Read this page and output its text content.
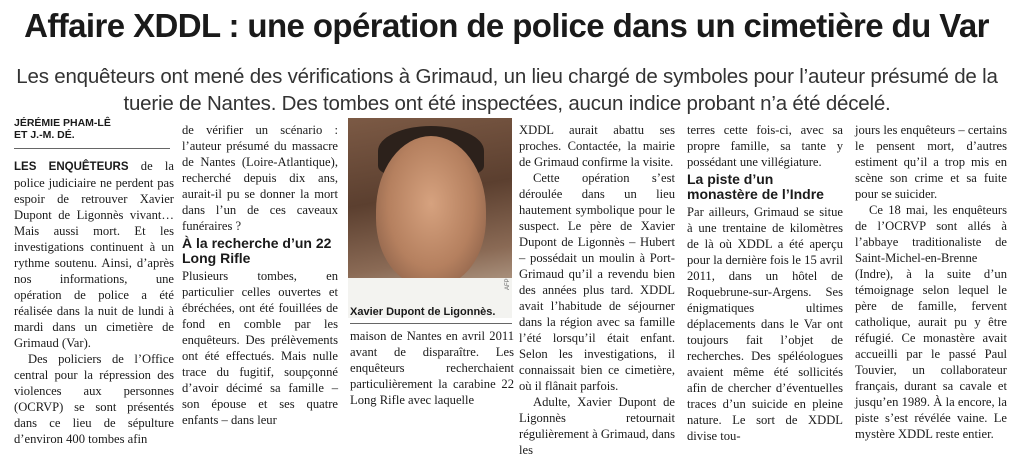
Affaire XDDL : une opération de police dans un cimetière du Var
Les enquêteurs ont mené des vérifications à Grimaud, un lieu chargé de symboles pour l’auteur présumé de la tuerie de Nantes. Des tombes ont été inspectées, aucun indice probant n’a été décelé.
JÉRÉMIE PHAM-LÊ
ET J.-M. DÉ.

LES ENQUÊTEURS de la police judiciaire ne perdent pas espoir de retrouver Xavier Dupont de Ligonnès vivant… Mais aussi mort. Et les investigations continuent à un rythme soutenu. Ainsi, d’après nos informations, une opération de police a été réalisée dans la nuit de lundi à mardi dans un cimetière de Grimaud (Var).

Des policiers de l’Office central pour la répression des violences aux personnes (OCRVP) se sont présentés dans ce lieu de sépulture d’environ 400 tombes afin

de vérifier un scénario : l’auteur présumé du massacre de Nantes (Loire-Atlantique), recherché depuis dix ans, aurait-il pu se donner la mort dans l’un de ces caveaux funéraires ?

À la recherche d’un 22 Long Rifle

Plusieurs tombes, en particulier celles ouvertes et ébréchées, ont été fouillées de fond en comble par les enquêteurs. Des prélèvements ont été effectués. Mais nulle trace du fugitif, soupçonné d’avoir décimé sa famille – son épouse et ses quatre enfants – dans leur

AFP
Xavier Dupont de Ligonnès.

maison de Nantes en avril 2011 avant de disparaître. Les enquêteurs recherchaient particulièrement la carabine 22 Long Rifle avec laquelle

XDDL aurait abattu ses proches. Contactée, la mairie de Grimaud confirme la visite.

Cette opération s’est déroulée dans un lieu hautement symbolique pour le suspect. Le père de Xavier Dupont de Ligonnès – Hubert – possédait un moulin à Port-Grimaud qu’il a revendu bien des années plus tard. XDDL avait l’habitude de séjourner dans la région avec sa famille l’été lorsqu’il était enfant. Selon les investigations, il connaissait bien ce cimetière, où il flânait parfois.

Adulte, Xavier Dupont de Ligonnès retournait régulièrement à Grimaud, dans les

terres cette fois-ci, avec sa propre famille, sa tante y possédant une villégiature.

La piste d’un monastère de l’Indre

Par ailleurs, Grimaud se situe à une trentaine de kilomètres de là où XDDL a été aperçu pour la dernière fois le 15 avril 2011, dans un hôtel de Roquebrune-sur-Argens. Ses énigmatiques ultimes déplacements dans le Var ont toujours fait l’objet de recherches. Des spéléologues avaient même été sollicités afin de chercher d’éventuelles traces d’un suicide en pleine nature. Le sort de XDDL divise tou-

jours les enquêteurs – certains le pensent mort, d’autres estiment qu’il a trop mis en scène son crime et sa fuite pour se suicider.

Ce 18 mai, les enquêteurs de l’OCRVP sont allés à l’abbaye traditionaliste de Saint-Michel-en-Brenne (Indre), à la suite d’un témoignage selon lequel le père de famille, fervent catholique, aurait pu y être réfugié. Ce monastère avait accueilli par le passé Paul Touvier, un collaborateur français, durant sa cavale et jusqu’en 1989. À la encore, la piste s’est révélée vaine. Le mystère XDDL reste entier.
